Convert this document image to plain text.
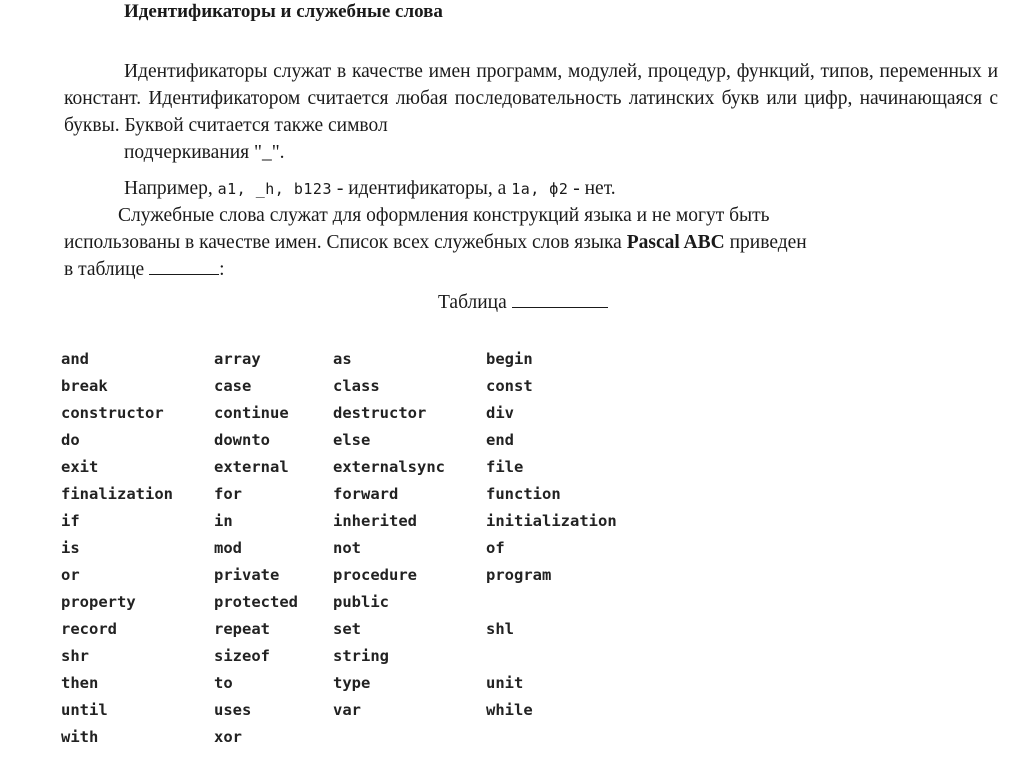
Идентификаторы и служебные слова
Идентификаторы служат в качестве имен программ, модулей, процедур, функций, типов, переменных и констант. Идентификатором считается любая последовательность латинских букв или цифр, начинающаяся с буквы. Буквой считается также символ
подчеркивания "_".
Например, a1, _h, b123 - идентификаторы, а 1a, ф2 - нет.
Служебные слова служат для оформления конструкций языка и не могут быть
использованы в качестве имен. Список всех служебных слов языка Pascal ABC приведен
в таблице	:
Таблица
and	array	as	begin
break	case	class	const
constructor	continue	destructor	div
do	downto	else	end
exit	external	externalsync	file
finalization	for	forward	function
if	in	inherited	initialization
is	mod	not	of
or	private	procedure	program
property	protected	public	
record	repeat	set	shl
shr	sizeof	string	
then	to	type	unit
until	uses	var	while
with	xor		
